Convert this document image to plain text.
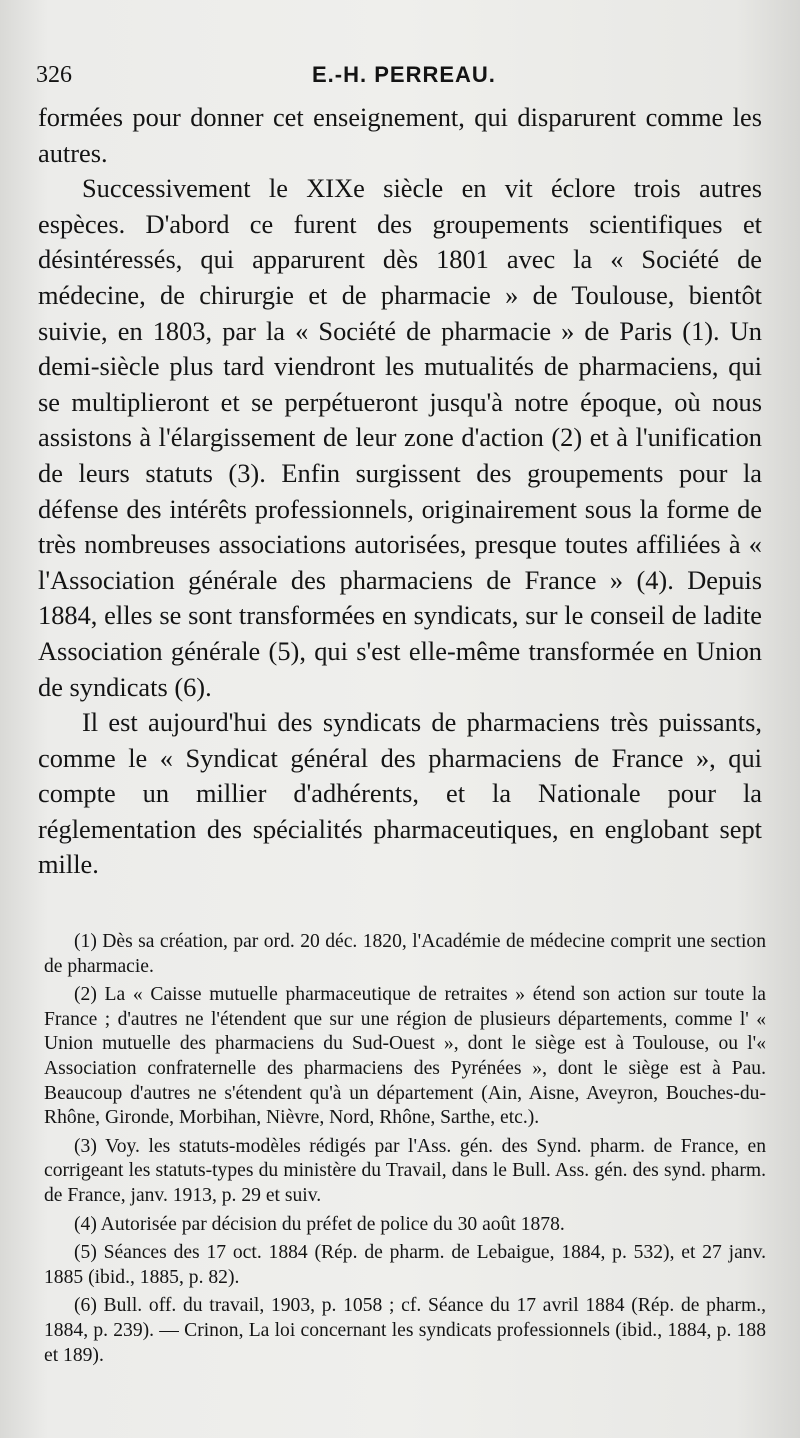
326	E.-H. PERREAU.

formées pour donner cet enseignement, qui disparurent comme les autres.

Successivement le XIXe siècle en vit éclore trois autres espèces. D'abord ce furent des groupements scientifiques et désintéressés, qui apparurent dès 1801 avec la « Société de médecine, de chirurgie et de pharmacie » de Toulouse, bientôt suivie, en 1803, par la « Société de pharmacie » de Paris (1). Un demi-siècle plus tard viendront les mutualités de pharmaciens, qui se multiplieront et se perpétueront jusqu'à notre époque, où nous assistons à l'élargissement de leur zone d'action (2) et à l'unification de leurs statuts (3). Enfin surgissent des groupements pour la défense des intérêts professionnels, originairement sous la forme de très nombreuses associations autorisées, presque toutes affiliées à « l'Association générale des pharmaciens de France » (4). Depuis 1884, elles se sont transformées en syndicats, sur le conseil de ladite Association générale (5), qui s'est elle-même transformée en Union de syndicats (6).

Il est aujourd'hui des syndicats de pharmaciens très puissants, comme le « Syndicat général des pharmaciens de France », qui compte un millier d'adhérents, et la Nationale pour la réglementation des spécialités pharmaceutiques, en englobant sept mille.

(1) Dès sa création, par ord. 20 déc. 1820, l'Académie de médecine comprit une section de pharmacie.

(2) La « Caisse mutuelle pharmaceutique de retraites » étend son action sur toute la France ; d'autres ne l'étendent que sur une région de plusieurs départements, comme l' « Union mutuelle des pharmaciens du Sud-Ouest », dont le siège est à Toulouse, ou l'« Association confraternelle des pharmaciens des Pyrénées », dont le siège est à Pau. Beaucoup d'autres ne s'étendent qu'à un département (Ain, Aisne, Aveyron, Bouches-du-Rhône, Gironde, Morbihan, Nièvre, Nord, Rhône, Sarthe, etc.).

(3) Voy. les statuts-modèles rédigés par l'Ass. gén. des Synd. pharm. de France, en corrigeant les statuts-types du ministère du Travail, dans le Bull. Ass. gén. des synd. pharm. de France, janv. 1913, p. 29 et suiv.

(4) Autorisée par décision du préfet de police du 30 août 1878.

(5) Séances des 17 oct. 1884 (Rép. de pharm. de Lebaigue, 1884, p. 532), et 27 janv. 1885 (ibid., 1885, p. 82).

(6) Bull. off. du travail, 1903, p. 1058 ; cf. Séance du 17 avril 1884 (Rép. de pharm., 1884, p. 239). — Crinon, La loi concernant les syndicats professionnels (ibid., 1884, p. 188 et 189).
